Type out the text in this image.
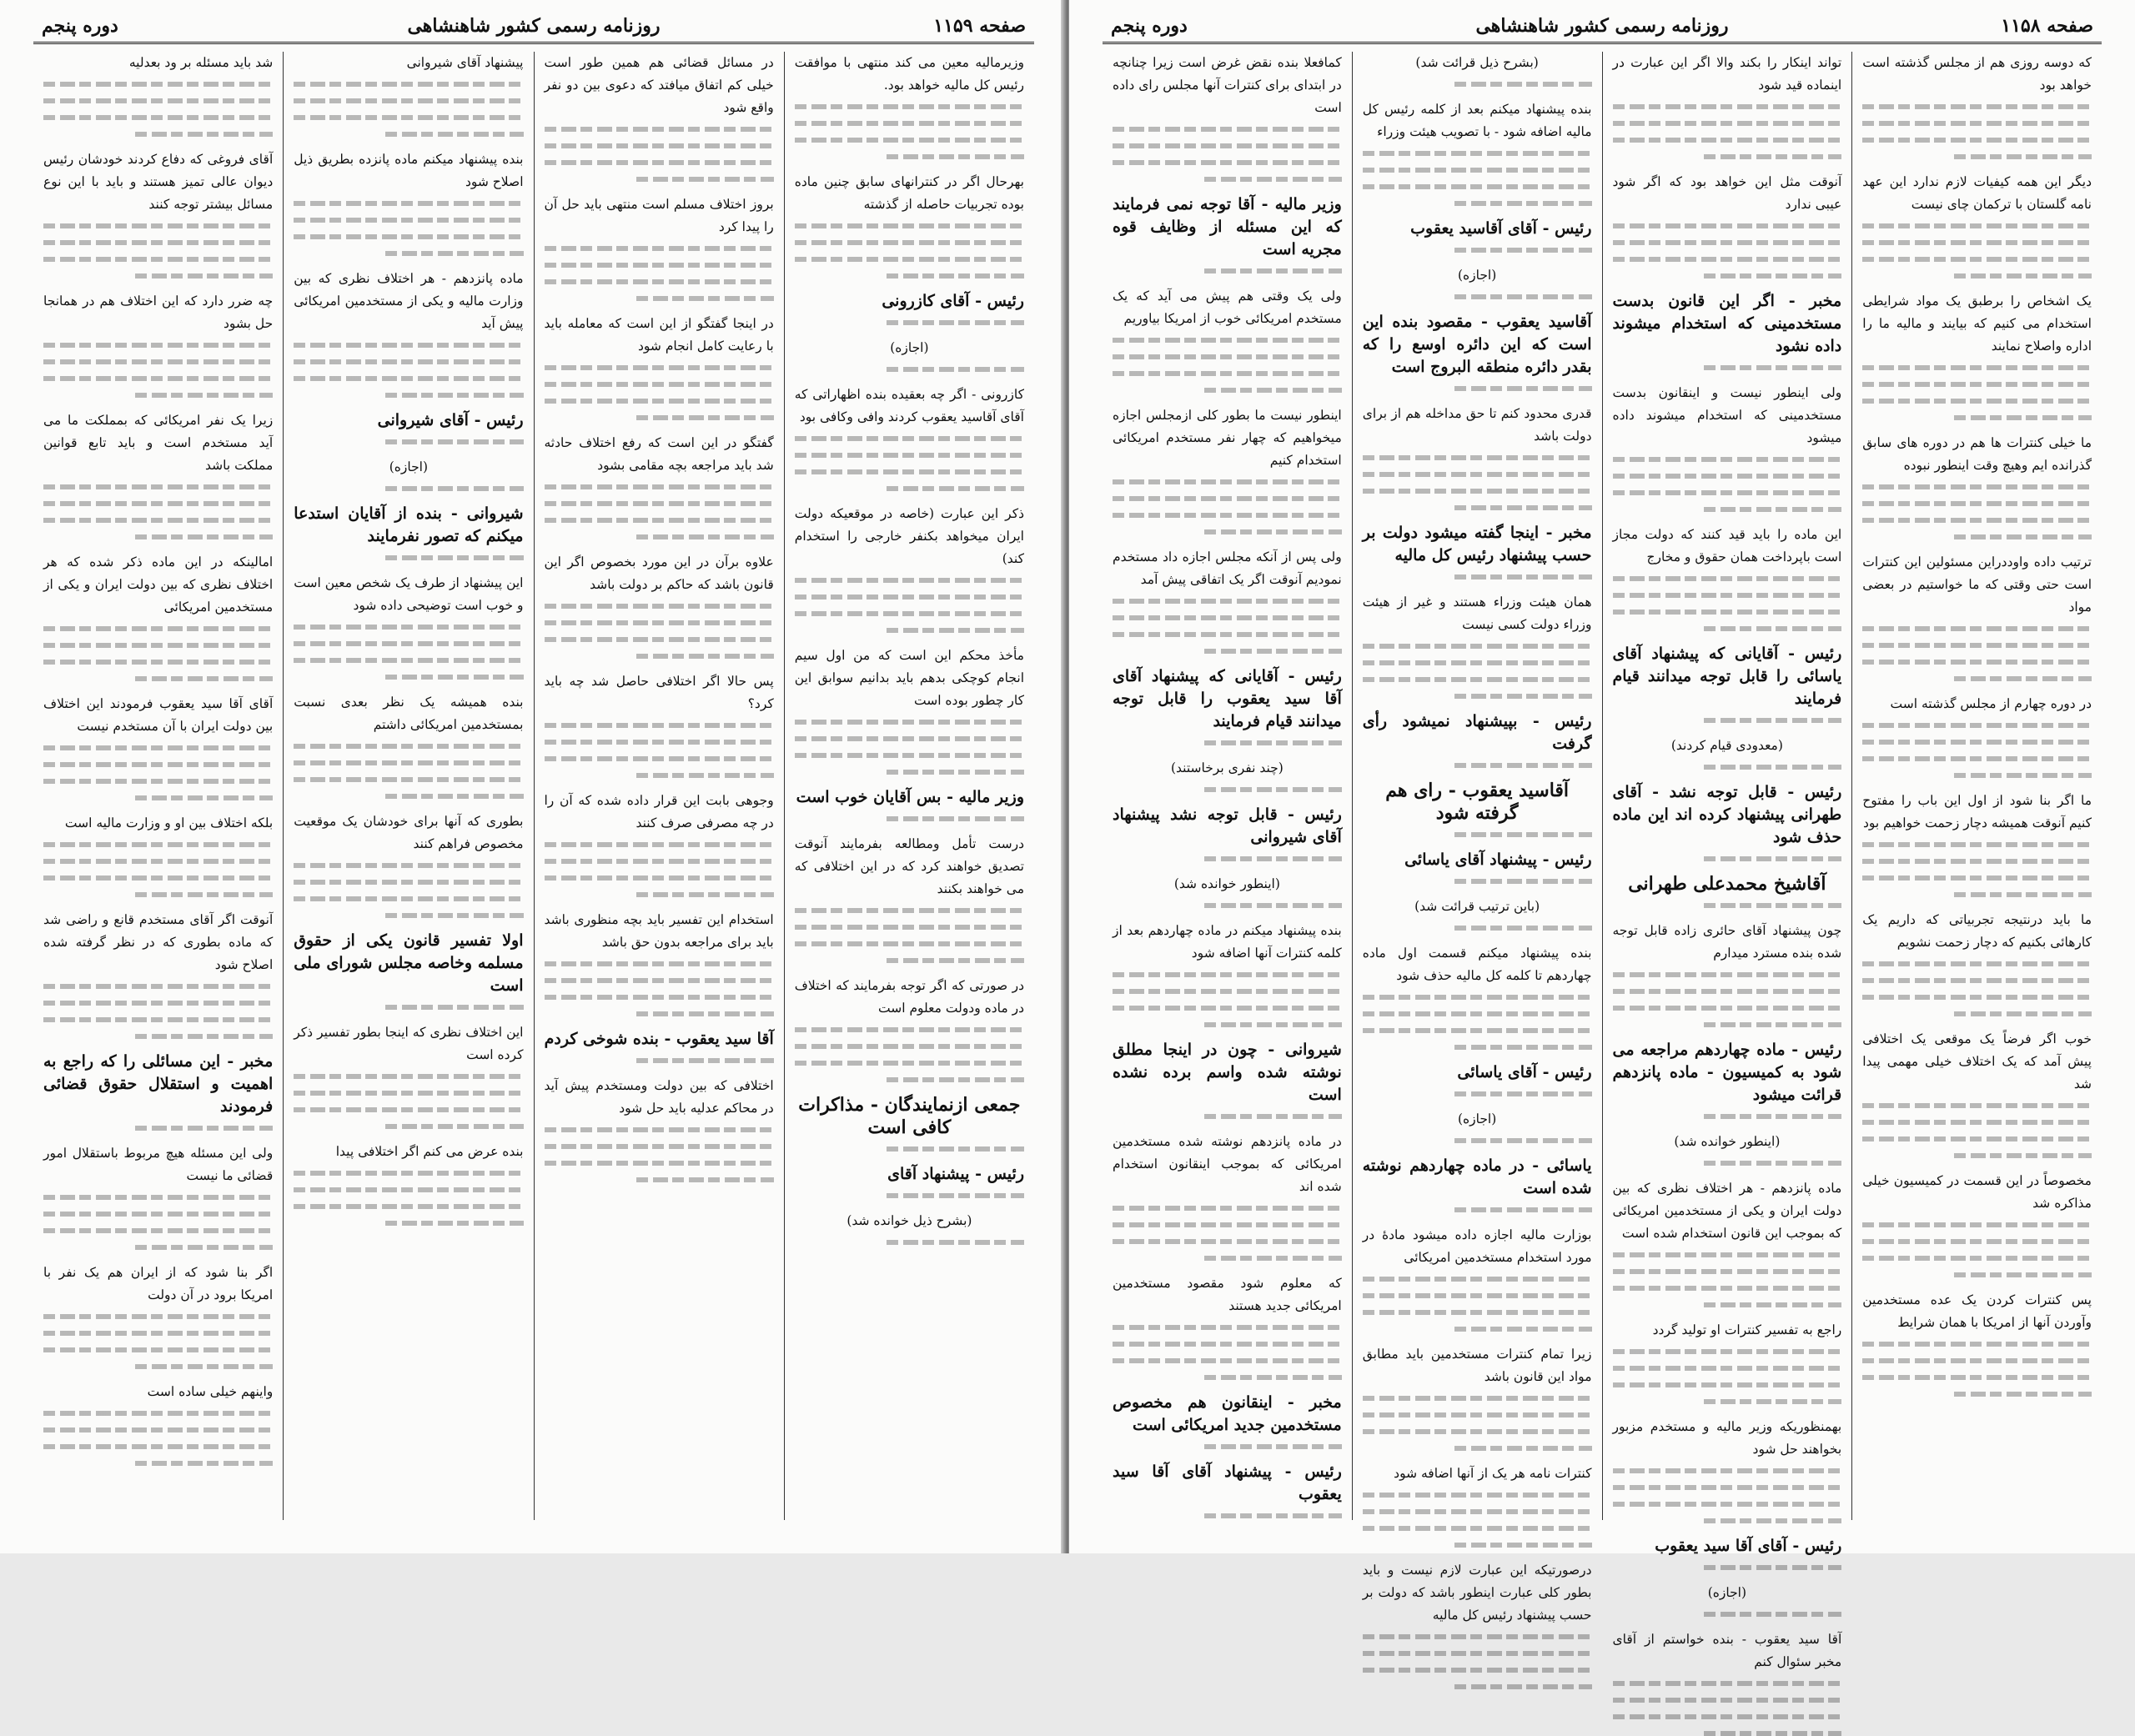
صفحه ۱۱۵۹
روزنامه رسمی کشور شاهنشاهی
دوره پنجم

وزیرمالیه معین می کند منتهی با موافقت رئیس کل مالیه خواهد بود.

بهرحال اگر در کنترانهای سابق چنین ماده بوده تجربیات حاصله از گذشته

رئیس - آقای کازرونی

(اجازه)

کازرونی - اگر چه بعقیده بنده اظهاراتی که آقای آقاسید یعقوب کردند وافی وکافی بود

ذکر این عبارت (خاصه در موقعیکه دولت ایران میخواهد بکنفر خارجی را استخدام کند)

مأخذ محکم این است که من اول سیم انجام کوچکی بدهم باید بدانیم سوابق این کار چطور بوده است

وزیر مالیه - بس آقایان خوب است

درست تأمل ومطالعه بفرمایند آنوقت تصدیق خواهند کرد که در این اختلافی که می خواهند بکنند

در صورتی که اگر توجه بفرمایند که اختلاف در ماده ودولت معلوم است

جمعی ازنمایندگان - مذاکرات کافی است

رئیس - پیشنهاد آقای

(بشرح ذیل خوانده شد)

در مسائل قضائی هم همین طور است خیلی کم اتفاق میافتد که دعوی بین دو نفر واقع شود

بروز اختلاف مسلم است منتهی باید حل آن را پیدا کرد

در اینجا گفتگو از این است که معامله باید با رعایت کامل انجام شود

گفتگو در این است که رفع اختلاف حادثه شد باید مراجعه بچه مقامی بشود

علاوه برآن در این مورد بخصوص اگر این قانون باشد که حاکم بر دولت باشد

پس حالا اگر اختلافی حاصل شد چه باید کرد؟

وجوهی بابت این قرار داده شده که آن را در چه مصرفی صرف کنند

استخدام این تفسیر باید بچه منظوری باشد باید برای مراجعه بدون حق باشد

آقا سید یعقوب - بنده شوخی کردم

اختلافی که بین دولت ومستخدم پیش آید در محاکم عدلیه باید حل شود

پیشنهاد آقای شیروانی

بنده پیشنهاد میکنم ماده پانزده بطریق ذیل اصلاح شود

ماده پانزدهم - هر اختلاف نظری که بین وزارت مالیه و یکی از مستخدمین امریکائی پیش آید

رئیس - آقای شیروانی

(اجازه)

شیروانی - بنده از آقایان استدعا میکنم که تصور نفرمایند

این پیشنهاد از طرف یک شخص معین است و خوب است توضیحی داده شود

بنده همیشه یک نظر بعدی نسبت بمستخدمین امریکائی داشتم

بطوری که آنها برای خودشان یک موقعیت مخصوص فراهم کنند

اولا تفسیر قانون یکی از حقوق مسلمه وخاصه مجلس شورای ملی است

این اختلاف نظری که اینجا بطور تفسیر ذکر کرده است

بنده عرض می کنم اگر اختلافی پیدا

شد باید مسئله بر ود بعدلیه

آقای فروغی که دفاع کردند خودشان رئیس دیوان عالی تمیز هستند و باید با این نوع مسائل بیشتر توجه کنند

چه ضرر دارد که این اختلاف هم در همانجا حل بشود

زیرا یک نفر امریکائی که بمملکت ما می آید مستخدم است و باید تابع قوانین مملکت باشد

امالینکه در این ماده ذکر شده که هر اختلاف نظری که بین دولت ایران و یکی از مستخدمین امریکائی

آقای آقا سید یعقوب فرمودند این اختلاف بین دولت ایران با آن مستخدم نیست

بلکه اختلاف بین او و وزارت مالیه است

آنوقت اگر آقای مستخدم قانع و راضی شد که ماده بطوری که در نظر گرفته شده اصلاح شود

مخبر - این مسائلی را که راجع به اهمیت و استقلال حقوق قضائی فرمودند

ولی این مسئله هیچ مربوط باستقلال امور قضائی ما نیست

اگر بنا شود که از ایران هم یک نفر با امریکا برود در آن دولت

واینهم خیلی ساده است

صفحه ۱۱۵۸
روزنامه رسمی کشور شاهنشاهی
دوره پنجم

که دوسه روزی هم از مجلس گذشته است خواهد بود

دیگر این همه کیفیات لازم ندارد این عهد نامه گلستان با ترکمان چای نیست

یک اشخاص را برطبق یک مواد شرایطی استخدام می کنیم که بیایند و مالیه ما را اداره واصلاح نمایند

ما خیلی کنترات ها هم در دوره های سابق گذرانده ایم وهیچ وقت اینطور نبوده

ترتیب داده واوددراین مسئولین این کنترات است حتی وقتی که ما خواستیم در بعضی مواد

در دوره چهارم از مجلس گذشته است

ما اگر بنا شود از اول این باب را مفتوح کنیم آنوقت همیشه دچار زحمت خواهیم بود

ما باید درنتیجه تجربیاتی که داریم یک کارهائی بکنیم که دچار زحمت نشویم

خوب اگر فرضاً یک موقعی یک اختلافی پیش آمد که یک اختلاف خیلی مهمی پیدا شد

مخصوصاً در این قسمت در کمیسیون خیلی مذاکره شد

پس کنترات کردن یک عده مستخدمین وآوردن آنها از امریکا با همان شرایط

تواند اینکار را بکند والا اگر این عبارت در اینماده قید شود

آنوقت مثل این خواهد بود که اگر شود عیبی ندارد

مخبر - اگر این قانون بدست مستخدمینی که استخدام میشوند داده نشود

ولی اینطور نیست و اینقانون بدست مستخدمینی که استخدام میشوند داده میشود

این ماده را باید قید کنند که دولت مجاز است باپرداخت همان حقوق و مخارج

رئیس - آقایانی که پیشنهاد آقای یاسائی را قابل توجه میدانند قیام فرمایند

(معدودی قیام کردند)

رئیس - قابل توجه نشد - آقای طهرانی پیشنهاد کرده اند این ماده حذف شود

آقاشیخ محمدعلی طهرانی

چون پیشنهاد آقای حائری زاده قابل توجه شده بنده مسترد میدارم

رئیس - ماده چهاردهم مراجعه می شود به کمیسیون - ماده پانزدهم قرائت میشود

(اینطور خوانده شد)

ماده پانزدهم - هر اختلاف نظری که بین دولت ایران و یکی از مستخدمین امریکائی که بموجب این قانون استخدام شده است

راجع به تفسیر کنترات او تولید گردد

بهمنظوریکه وزیر مالیه و مستخدم مزبور بخواهند حل شود

رئیس - آقای آقا سید یعقوب

(اجازه)

آقا سید یعقوب - بنده خواستم از آقای مخبر سئوال کنم

(بشرح ذیل قرائت شد)

بنده پیشنهاد میکنم بعد از کلمه رئیس کل مالیه اضافه شود - با تصویب هیئت وزراء

رئیس - آقای آقاسید یعقوب

(اجازه)

آقاسید یعقوب - مقصود بنده این است که این دائره اوسع را که بقدر دائره منطقه البروج است

قدری محدود کنم تا حق مداخله هم از برای دولت باشد

مخبر - اینجا گفته میشود دولت بر حسب پیشنهاد رئیس کل مالیه

همان هیئت وزراء هستند و غیر از هیئت وزراء دولت کسی نیست

رئیس - بپیشنهاد نمیشود رأی گرفت

آقاسید یعقوب - رای هم گرفته شود

رئیس - پیشنهاد آقای یاسائی

(باین ترتیب قرائت شد)

بنده پیشنهاد میکنم قسمت اول ماده چهاردهم تا کلمه کل مالیه حذف شود

رئیس - آقای یاسائی

(اجازه)

یاسائی - در ماده چهاردهم نوشته شده است

بوزارت مالیه اجازه داده میشود مادهٔ در مورد استخدام مستخدمین امریکائی

زیرا تمام کنترات مستخدمین باید مطابق مواد این قانون باشد

کنترات نامه هر یک از آنها اضافه شود

درصورتیکه این عبارت لازم نیست و باید بطور کلی عبارت اینطور باشد که دولت بر حسب پیشنهاد رئیس کل مالیه

کمافعلا بنده نقض غرض است زیرا چنانچه در ابتدای برای کنترات آنها مجلس رای داده است

وزیر مالیه - آقا توجه نمی فرمایند که این مسئله از وظایف قوه مجریه است

ولی یک وقتی هم پیش می آید که یک مستخدم امریکائی خوب از امریکا بیاوریم

اینطور نیست ما بطور کلی ازمجلس اجازه میخواهیم که چهار نفر مستخدم امریکائی استخدام کنیم

ولی پس از آنکه مجلس اجازه داد مستخدم نمودیم آنوقت اگر یک اتفاقی پیش آمد

رئیس - آقایانی که پیشنهاد آقای آقا سید یعقوب را قابل توجه میدانند قیام فرمایند

(چند نفری برخاستند)

رئیس - قابل توجه نشد پیشنهاد آقای شیروانی

(اینطور خوانده شد)

بنده پیشنهاد میکنم در ماده چهاردهم بعد از کلمه کنترات آنها اضافه شود

شیروانی - چون در اینجا مطلق نوشته شده واسم برده نشده است

در ماده پانزدهم نوشته شده مستخدمین امریکائی که بموجب اینقانون استخدام شده اند

که معلوم شود مقصود مستخدمین امریکائی جدید هستند

مخبر - اینقانون هم مخصوص مستخدمین جدید امریکائی است

رئیس - پیشنهاد آقای آقا سید یعقوب
